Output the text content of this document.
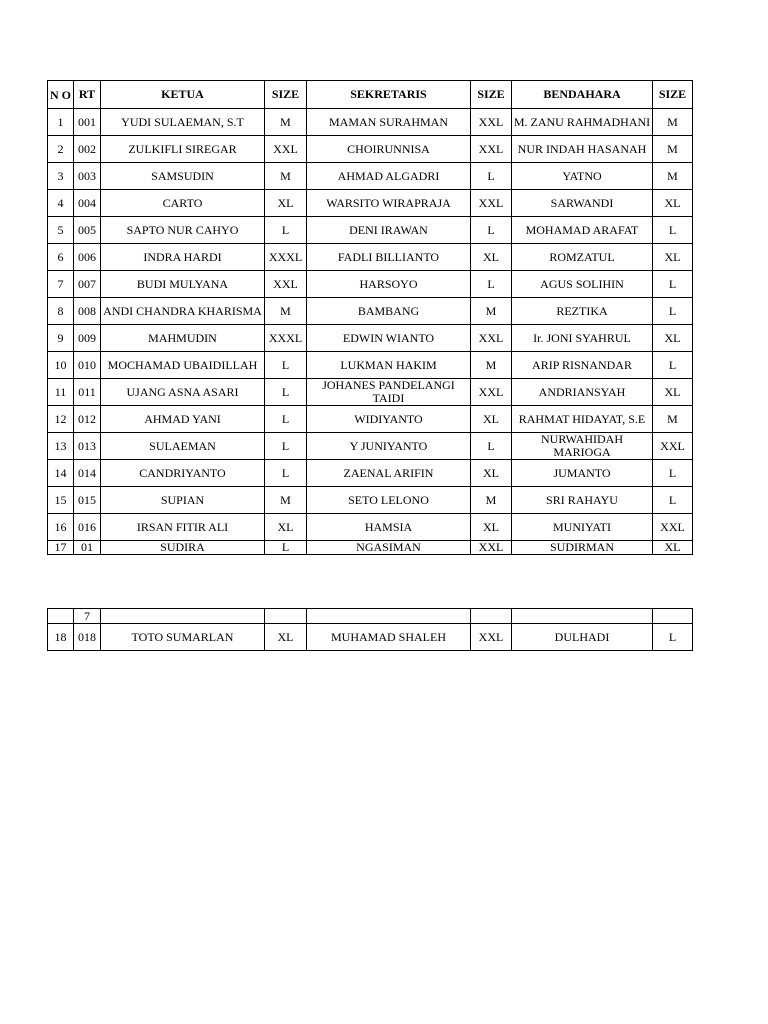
N O	RT	KETUA	SIZE	SEKRETARIS	SIZE	BENDAHARA	SIZE
1	001	YUDI SULAEMAN, S.T	M	MAMAN SURAHMAN	XXL	M. ZANU RAHMADHANI	M
2	002	ZULKIFLI SIREGAR	XXL	CHOIRUNNISA	XXL	NUR INDAH HASANAH	M
3	003	SAMSUDIN	M	AHMAD ALGADRI	L	YATNO	M
4	004	CARTO	XL	WARSITO WIRAPRAJA	XXL	SARWANDI	XL
5	005	SAPTO NUR CAHYO	L	DENI IRAWAN	L	MOHAMAD ARAFAT	L
6	006	INDRA HARDI	XXXL	FADLI BILLIANTO	XL	ROMZATUL	XL
7	007	BUDI MULYANA	XXL	HARSOYO	L	AGUS SOLIHIN	L
8	008	ANDI CHANDRA KHARISMA	M	BAMBANG	M	REZTIKA	L
9	009	MAHMUDIN	XXXL	EDWIN WIANTO	XXL	Ir. JONI SYAHRUL	XL
10	010	MOCHAMAD UBAIDILLAH	L	LUKMAN HAKIM	M	ARIP RISNANDAR	L
11	011	UJANG ASNA ASARI	L	JOHANES PANDELANGI TAIDI	XXL	ANDRIANSYAH	XL
12	012	AHMAD YANI	L	WIDIYANTO	XL	RAHMAT HIDAYAT, S.E	M
13	013	SULAEMAN	L	Y JUNIYANTO	L	NURWAHIDAH MARIOGA	XXL
14	014	CANDRIYANTO	L	ZAENAL ARIFIN	XL	JUMANTO	L
15	015	SUPIAN	M	SETO LELONO	M	SRI RAHAYU	L
16	016	IRSAN FITIR ALI	XL	HAMSIA	XL	MUNIYATI	XXL
17	01	SUDIRA	L	NGASIMAN	XXL	SUDIRMAN	XL
	7						
18	018	TOTO SUMARLAN	XL	MUHAMAD SHALEH	XXL	DULHADI	L
